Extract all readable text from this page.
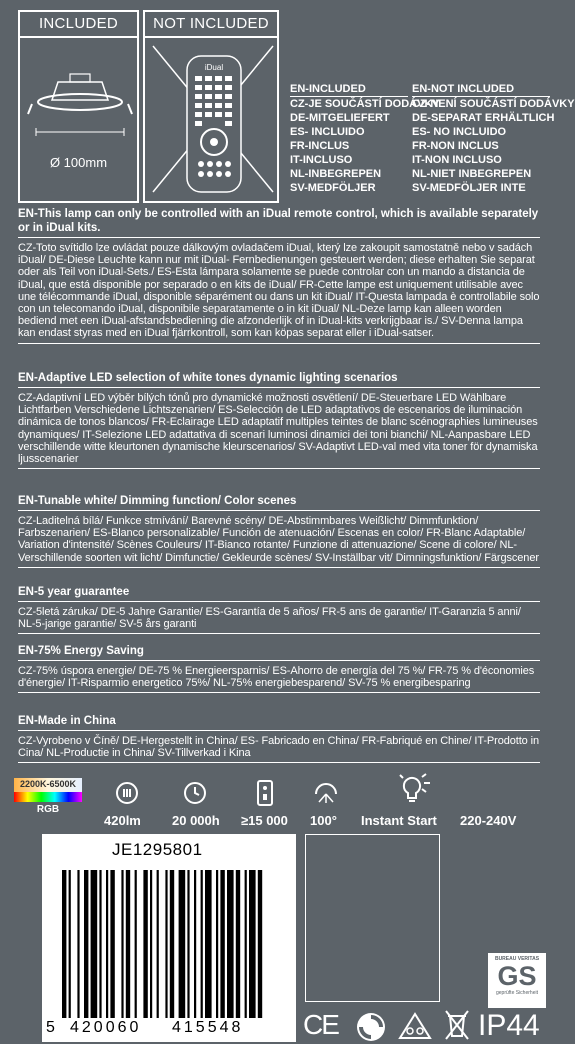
INCLUDED
Ø 100mm
NOT INCLUDED
iDual
EN-INCLUDED
CZ-JE SOUČÁSTÍ DODÁVKY
DE-MITGELIEFERT
ES- INCLUIDO
FR-INCLUS
IT-INCLUSO
NL-INBEGREPEN
SV-MEDFÖLJER
EN-NOT INCLUDED
CZ-NENÍ SOUČÁSTÍ DODÁVKY
DE-SEPARAT ERHÄLTLICH
ES- NO INCLUIDO
FR-NON INCLUS
IT-NON INCLUSO
NL-NIET INBEGREPEN
SV-MEDFÖLJER INTE
EN-This lamp can only be controlled with an iDual remote control, which is available separately or in iDual kits.
CZ-Toto svítidlo lze ovládat pouze dálkovým ovladačem iDual, který lze zakoupit samostatně nebo v sadách iDual/ DE-Diese Leuchte kann nur mit iDual- Fernbedienungen gesteuert werden; diese erhalten Sie separat oder als Teil von iDual-Sets./ ES-Esta lámpara solamente se puede controlar con un mando a distancia de iDual, que está disponible por separado o en kits de iDual/ FR-Cette lampe est uniquement utilisable avec une télécommande iDual, disponible séparément ou dans un kit iDual/ IT-Questa lampada è controllabile solo con un telecomando iDual, disponibile separatamente o in kit iDual/ NL-Deze lamp kan alleen worden bediend met een iDual-afstandsbediening die afzonderlijk of in iDual-kits verkrijgbaar is./ SV-Denna lampa kan endast styras med en iDual fjärrkontroll, som kan köpas separat eller i iDual-satser.
EN-Adaptive LED selection of white tones dynamic lighting scenarios
CZ-Adaptivní LED výběr bílých tónů pro dynamické možnosti osvětlení/ DE-Steuerbare LED Wählbare Lichtfarben Verschiedene Lichtszenarien/ ES-Selección de LED adaptativos de escenarios de iluminación dinámica de tonos blancos/ FR-Eclairage LED adaptatif multiples teintes de blanc scénographies lumineuses dynamiques/ IT-Selezione LED adattativa di scenari luminosi dinamici dei toni bianchi/ NL-Aanpasbare LED verschillende witte kleurtonen dynamische kleurscenarios/ SV-Adaptivt LED-val med vita toner för dynamiska ljusscenarier
EN-Tunable white/ Dimming function/ Color scenes
CZ-Laditelná bílá/ Funkce stmívání/ Barevné scény/ DE-Abstimmbares Weißlicht/ Dimmfunktion/ Farbszenarien/ ES-Blanco personalizable/ Función de atenuación/ Escenas en color/ FR-Blanc Adaptable/ Variation d'intensité/ Scènes Couleurs/ IT-Bianco rotante/ Funzione di attenuazione/ Scene di colore/ NL-Verschillende soorten wit licht/ Dimfunctie/ Gekleurde scènes/ SV-Inställbar vit/ Dimningsfunktion/ Färgscener
EN-5 year guarantee
CZ-5letá záruka/ DE-5 Jahre Garantie/ ES-Garantía de 5 años/ FR-5 ans de garantie/ IT-Garanzia 5 anni/ NL-5-jarige garantie/ SV-5 års garanti
EN-75% Energy Saving
CZ-75% úspora energie/ DE-75 % Energieersparnis/ ES-Ahorro de energía del 75 %/ FR-75 % d'économies d'énergie/ IT-Risparmio energetico 75%/ NL-75% energiebesparend/ SV-75 % energibesparing
EN-Made in China
CZ-Vyrobeno v Číně/ DE-Hergestellt in China/ ES- Fabricado en China/ FR-Fabriqué en Chine/ IT-Prodotto in Cina/ NL-Productie in China/ SV-Tillverkad i Kina
2200K-6500K
RGB
420lm 20 000h ≥15 000 100° Instant Start 220-240V
JE1295801
5 420060 415548
BUREAU VERITAS
GS
geprüfte Sicherheit
CE	IP44
